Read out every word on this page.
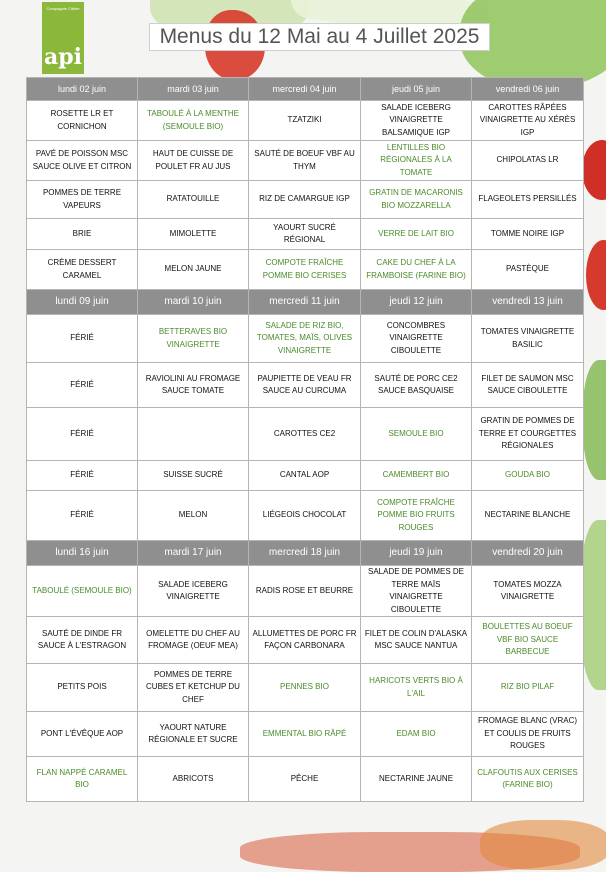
Compagnie Ciblée
api
Menus du 12 Mai au 4 Juillet 2025
lundi 02 juin	mardi 03 juin	mercredi 04 juin	jeudi 05 juin	vendredi 06 juin
ROSETTE LR ET CORNICHON	TABOULÉ À LA MENTHE (SEMOULE BIO)	TZATZIKI	SALADE ICEBERG VINAIGRETTE BALSAMIQUE IGP	CAROTTES RÂPÉES VINAIGRETTE AU XÉRÈS IGP
PAVÉ DE POISSON MSC SAUCE OLIVE ET CITRON	HAUT DE CUISSE DE POULET FR AU JUS	SAUTÉ DE BOEUF VBF AU THYM	LENTILLES BIO RÉGIONALES À LA TOMATE	CHIPOLATAS LR
POMMES DE TERRE VAPEURS	RATATOUILLE	RIZ DE CAMARGUE IGP	GRATIN DE MACARONIS BIO MOZZARELLA	FLAGEOLETS PERSILLÉS
BRIE	MIMOLETTE	YAOURT SUCRÉ RÉGIONAL	VERRE DE LAIT BIO	TOMME NOIRE IGP
CRÈME DESSERT CARAMEL	MELON JAUNE	COMPOTE FRAÎCHE POMME BIO CERISES	CAKE DU CHEF À LA FRAMBOISE (FARINE BIO)	PASTÈQUE
lundi 09 juin	mardi 10 juin	mercredi 11 juin	jeudi 12 juin	vendredi 13 juin
FÉRIÉ	BETTERAVES BIO VINAIGRETTE	SALADE DE RIZ BIO, TOMATES, MAÏS, OLIVES VINAIGRETTE	CONCOMBRES VINAIGRETTE CIBOULETTE	TOMATES VINAIGRETTE BASILIC
FÉRIÉ	RAVIOLINI AU FROMAGE SAUCE TOMATE	PAUPIETTE DE VEAU FR SAUCE AU CURCUMA	SAUTÉ DE PORC CE2 SAUCE BASQUAISE	FILET DE SAUMON MSC SAUCE CIBOULETTE
FÉRIÉ		CAROTTES CE2	SEMOULE BIO	GRATIN DE POMMES DE TERRE ET COURGETTES RÉGIONALES
FÉRIÉ	SUISSE SUCRÉ	CANTAL AOP	CAMEMBERT BIO	GOUDA BIO
FÉRIÉ	MELON	LIÉGEOIS CHOCOLAT	COMPOTE FRAÎCHE POMME BIO FRUITS ROUGES	NECTARINE BLANCHE
lundi 16 juin	mardi 17 juin	mercredi 18 juin	jeudi 19 juin	vendredi 20 juin
TABOULÉ (SEMOULE BIO)	SALADE ICEBERG VINAIGRETTE	RADIS ROSE ET BEURRE	SALADE DE POMMES DE TERRE MAÏS VINAIGRETTE CIBOULETTE	TOMATES MOZZA VINAIGRETTE
SAUTÉ DE DINDE FR SAUCE À L'ESTRAGON	OMELETTE DU CHEF AU FROMAGE (OEUF MEA)	ALLUMETTES DE PORC FR FAÇON CARBONARA	FILET DE COLIN D'ALASKA MSC SAUCE NANTUA	BOULETTES AU BOEUF VBF BIO SAUCE BARBECUE
PETITS POIS	POMMES DE TERRE CUBES ET KETCHUP DU CHEF	PENNES BIO	HARICOTS VERTS BIO À L'AIL	RIZ BIO PILAF
PONT L'ÉVÊQUE AOP	YAOURT NATURE RÉGIONALE ET SUCRE	EMMENTAL BIO RÂPÉ	EDAM BIO	FROMAGE BLANC (VRAC) ET COULIS DE FRUITS ROUGES
FLAN NAPPÉ CARAMEL BIO	ABRICOTS	PÊCHE	NECTARINE JAUNE	CLAFOUTIS AUX CERISES (FARINE BIO)
